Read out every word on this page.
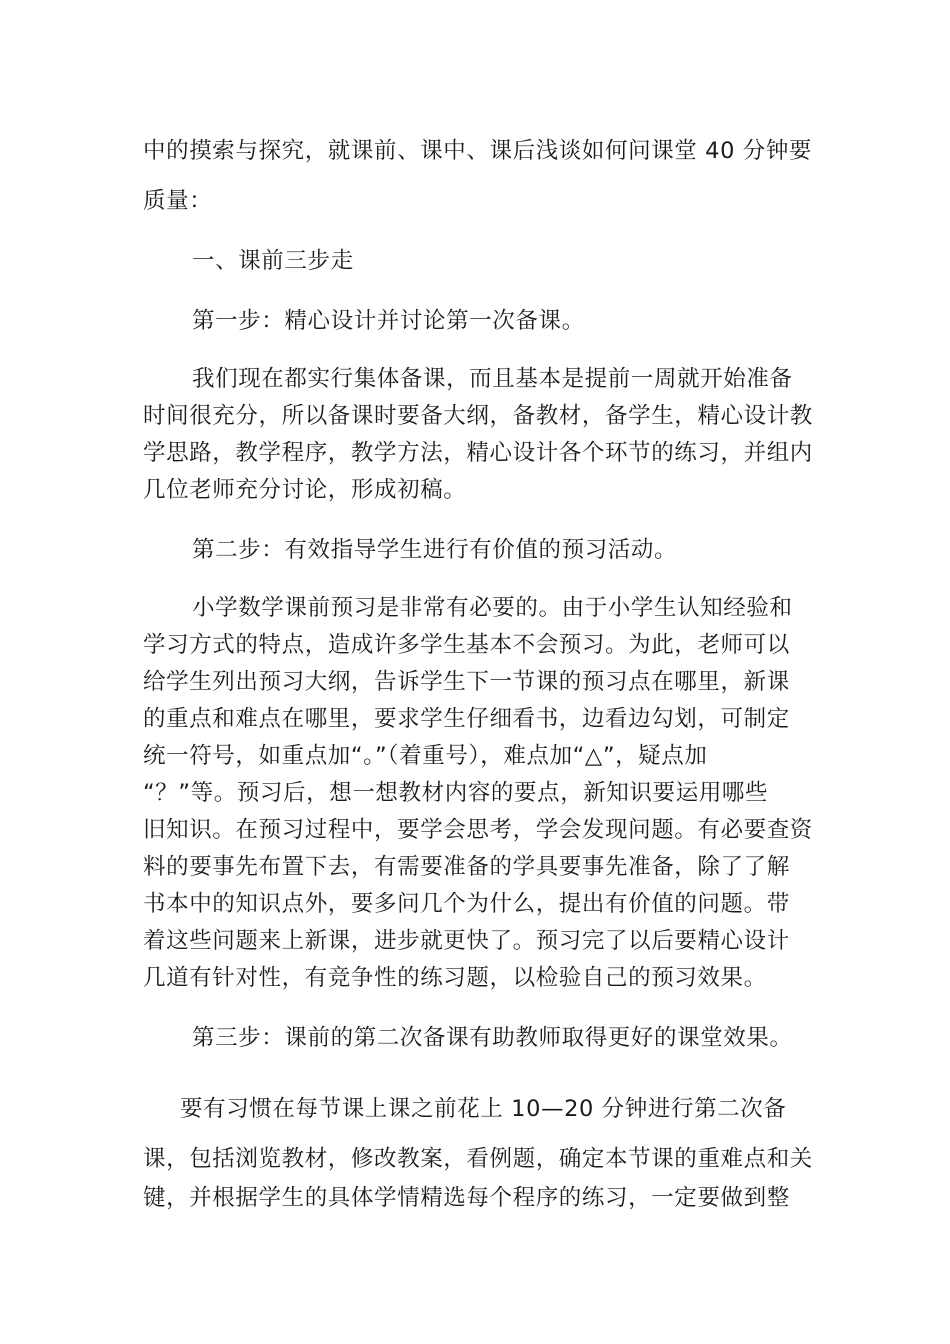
中的摸索与探究，就课前、课中、课后浅谈如何问课堂 40 分钟要
质量：
一、课前三步走
第一步：精心设计并讨论第一次备课。
我们现在都实行集体备课，而且基本是提前一周就开始准备
时间很充分，所以备课时要备大纲，备教材，备学生，精心设计教
学思路，教学程序，教学方法，精心设计各个环节的练习，并组内
几位老师充分讨论，形成初稿。
第二步：有效指导学生进行有价值的预习活动。
小学数学课前预习是非常有必要的。由于小学生认知经验和
学习方式的特点，造成许多学生基本不会预习。为此，老师可以
给学生列出预习大纲，告诉学生下一节课的预习点在哪里，新课
的重点和难点在哪里，要求学生仔细看书，边看边勾划，可制定
统一符号，如重点加“。”（着重号），难点加“△”，疑点加
“？”等。预习后，想一想教材内容的要点，新知识要运用哪些
旧知识。在预习过程中，要学会思考，学会发现问题。有必要查资
料的要事先布置下去，有需要准备的学具要事先准备，除了了解
书本中的知识点外，要多问几个为什么，提出有价值的问题。带
着这些问题来上新课，进步就更快了。预习完了以后要精心设计
几道有针对性，有竞争性的练习题，以检验自己的预习效果。
第三步：课前的第二次备课有助教师取得更好的课堂效果。
要有习惯在每节课上课之前花上 10—20 分钟进行第二次备
课，包括浏览教材，修改教案，看例题，确定本节课的重难点和关
键，并根据学生的具体学情精选每个程序的练习，一定要做到整
